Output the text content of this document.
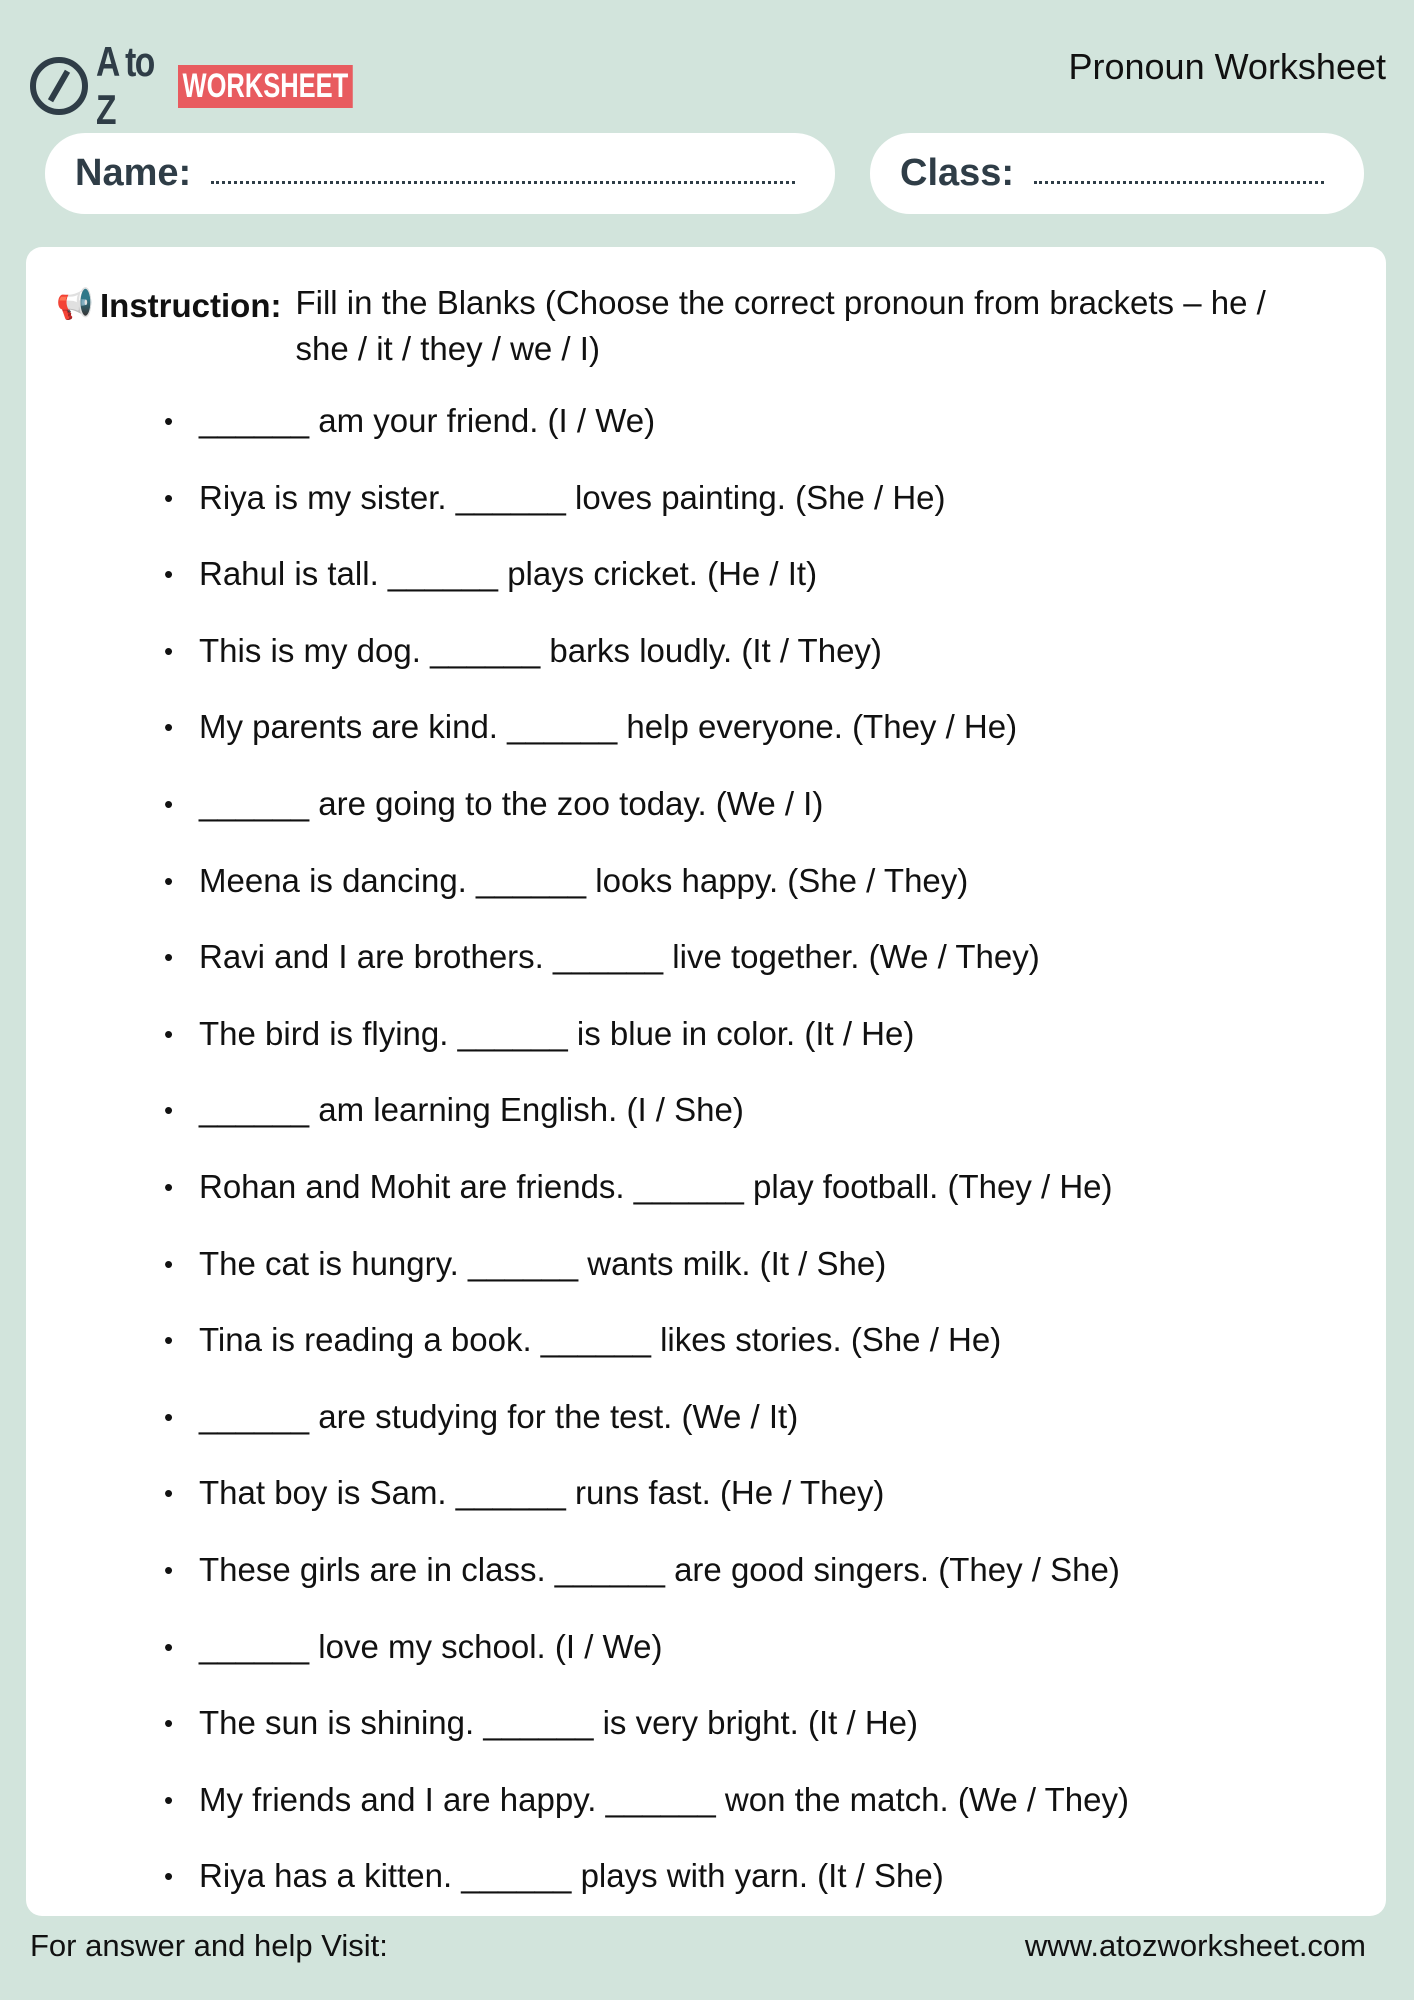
A to Z
WORKSHEET	Pronoun Worksheet
Name:	Class:
📢 Instruction: Fill in the Blanks (Choose the correct pronoun from brackets – he / she / it / they / we / I)
• ______ am your friend. (I / We)
• Riya is my sister. ______ loves painting. (She / He)
• Rahul is tall. ______ plays cricket. (He / It)
• This is my dog. ______ barks loudly. (It / They)
• My parents are kind. ______ help everyone. (They / He)
• ______ are going to the zoo today. (We / I)
• Meena is dancing. ______ looks happy. (She / They)
• Ravi and I are brothers. ______ live together. (We / They)
• The bird is flying. ______ is blue in color. (It / He)
• ______ am learning English. (I / She)
• Rohan and Mohit are friends. ______ play football. (They / He)
• The cat is hungry. ______ wants milk. (It / She)
• Tina is reading a book. ______ likes stories. (She / He)
• ______ are studying for the test. (We / It)
• That boy is Sam. ______ runs fast. (He / They)
• These girls are in class. ______ are good singers. (They / She)
• ______ love my school. (I / We)
• The sun is shining. ______ is very bright. (It / He)
• My friends and I are happy. ______ won the match. (We / They)
• Riya has a kitten. ______ plays with yarn. (It / She)
For answer and help Visit:	www.atozworksheet.com
